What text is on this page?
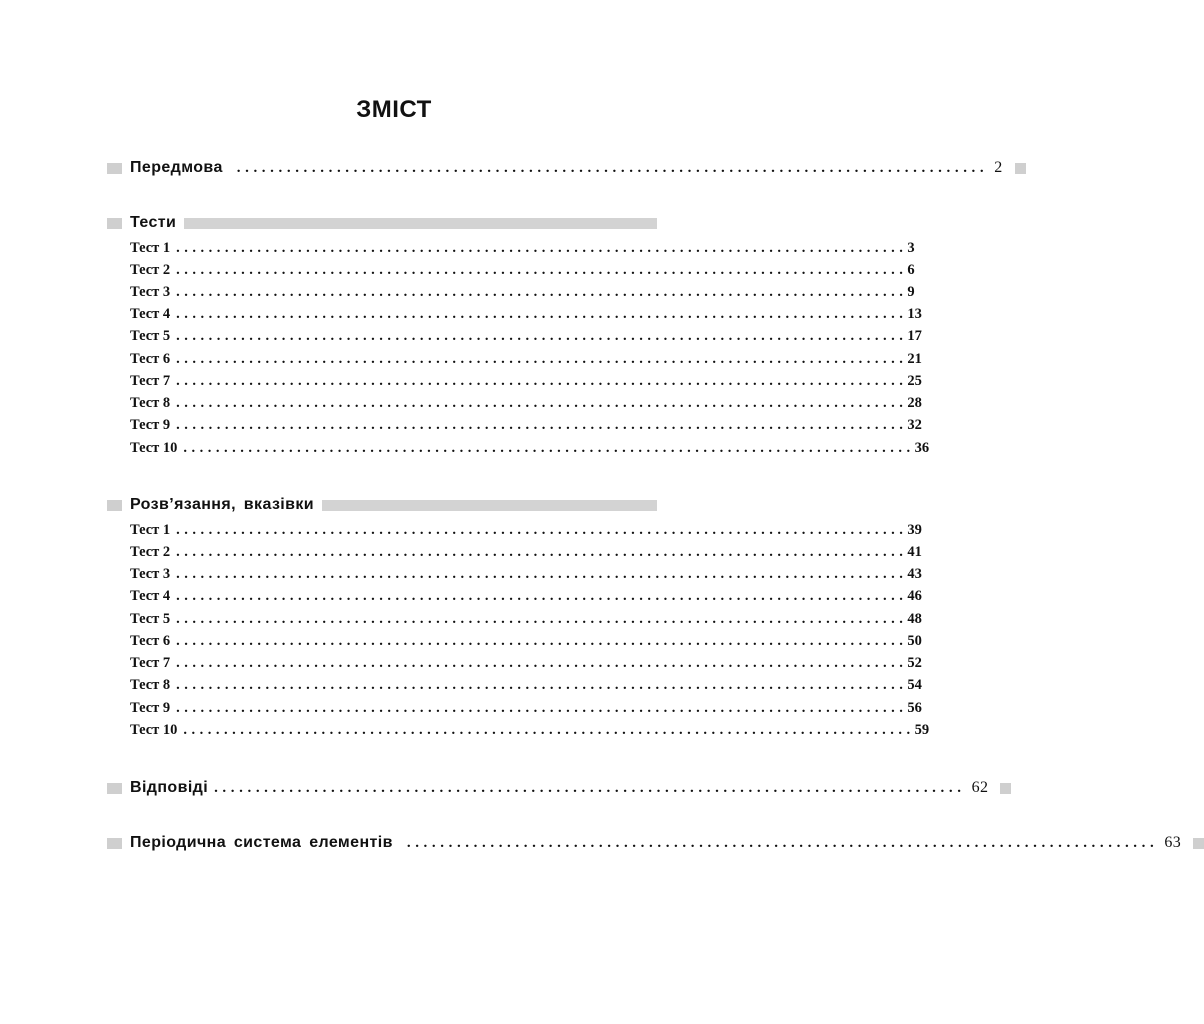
ЗМІСТ
Передмова .......................................................................................... 2
Тести
Тест 1 .......................................................................................... 3
Тест 2 .......................................................................................... 6
Тест 3 .......................................................................................... 9
Тест 4 .......................................................................................... 13
Тест 5 .......................................................................................... 17
Тест 6 .......................................................................................... 21
Тест 7 .......................................................................................... 25
Тест 8 .......................................................................................... 28
Тест 9 .......................................................................................... 32
Тест 10 .......................................................................................... 36
Розв’язання, вказівки
Тест 1 .......................................................................................... 39
Тест 2 .......................................................................................... 41
Тест 3 .......................................................................................... 43
Тест 4 .......................................................................................... 46
Тест 5 .......................................................................................... 48
Тест 6 .......................................................................................... 50
Тест 7 .......................................................................................... 52
Тест 8 .......................................................................................... 54
Тест 9 .......................................................................................... 56
Тест 10 .......................................................................................... 59
Відповіді .......................................................................................... 62
Періодична система елементів .......................................................................................... 63
